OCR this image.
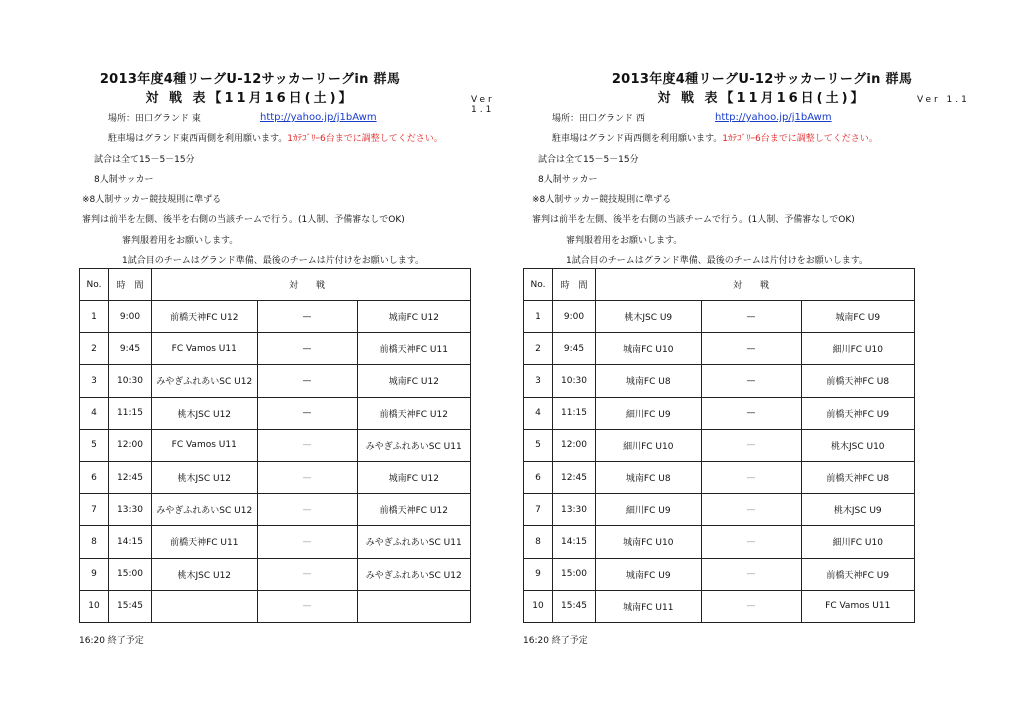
2013年度4種リーグU-12サッカーリーグin 群馬
対 戦 表【11月16日(土)】	Ver 1.1
場所：田口グランド 東	http://yahoo.jp/j1bAwm
駐車場はグランド東西両側を利用願います。1ｶﾃｺﾞﾘｰ6台までに調整してください。
試合は全て15－5－15分
8人制サッカー
※8人制サッカー競技規則に準ずる
審判は前半を左側、後半を右側の当該チームで行う。(1人制、予備審なしでOK)
審判服着用をお願いします。
1試合目のチームはグランド準備、最後のチームは片付けをお願いします。
No.	時　間		対　　戦	
1	9:00	前橋天神FC U12	—	城南FC U12
2	9:45	FC Vamos U11	—	前橋天神FC U11
3	10:30	みやぎふれあいSC U12	—	城南FC U12
4	11:15	桃木JSC U12	—	前橋天神FC U12
5	12:00	FC Vamos U11	—	みやぎふれあいSC U11
6	12:45	桃木JSC U12	—	城南FC U12
7	13:30	みやぎふれあいSC U12	—	前橋天神FC U12
8	14:15	前橋天神FC U11	—	みやぎふれあいSC U11
9	15:00	桃木JSC U12	—	みやぎふれあいSC U12
10	15:45		—	
16:20 終了予定
2013年度4種リーグU-12サッカーリーグin 群馬
対 戦 表【11月16日(土)】	Ver 1.1
場所：田口グランド 西	http://yahoo.jp/j1bAwm
駐車場はグランド両西側を利用願います。1ｶﾃｺﾞﾘｰ6台までに調整してください。
試合は全て15－5－15分
8人制サッカー
※8人制サッカー競技規則に準ずる
審判は前半を左側、後半を右側の当該チームで行う。(1人制、予備審なしでOK)
審判服着用をお願いします。
1試合目のチームはグランド準備、最後のチームは片付けをお願いします。
No.	時　間		対　　戦	
1	9:00	桃木JSC U9	—	城南FC U9
2	9:45	城南FC U10	—	細川FC U10
3	10:30	城南FC U8	—	前橋天神FC U8
4	11:15	細川FC U9	—	前橋天神FC U9
5	12:00	細川FC U10	—	桃木JSC U10
6	12:45	城南FC U8	—	前橋天神FC U8
7	13:30	細川FC U9	—	桃木JSC U9
8	14:15	城南FC U10	—	細川FC U10
9	15:00	城南FC U9	—	前橋天神FC U9
10	15:45	城南FC U11	—	FC Vamos U11
16:20 終了予定
